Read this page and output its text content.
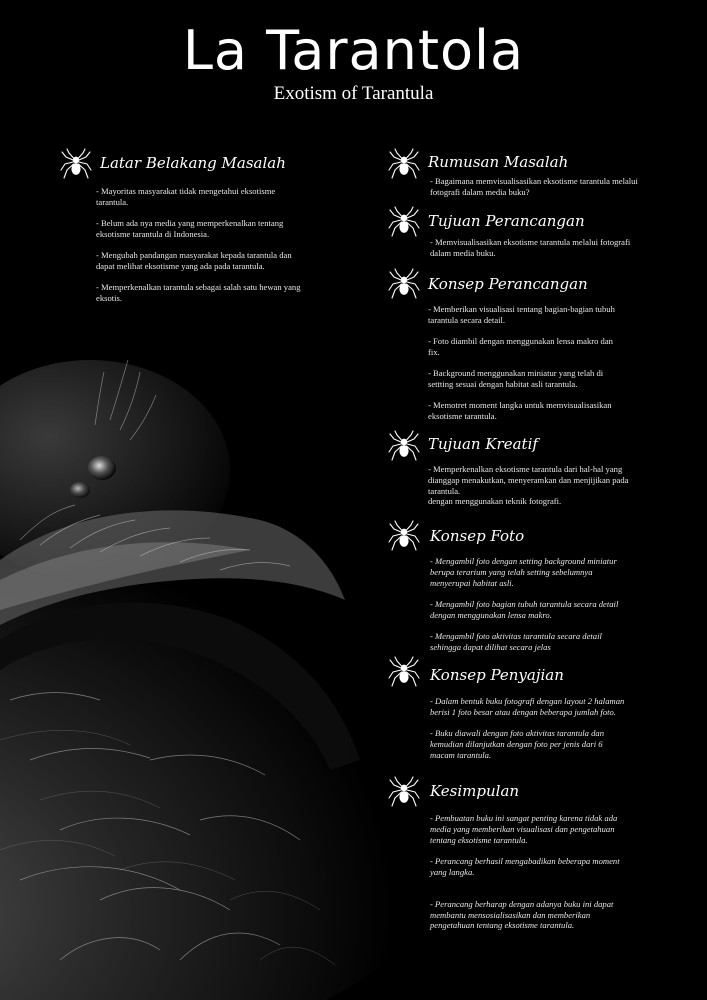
La Tarantola
Exotism of Tarantula
Latar Belakang Masalah

- Mayoritas masyarakat tidak mengetahui eksotisme
tarantula.

- Belum ada nya media yang memperkenalkan tentang
eksotisme tarantula di Indonesia.

- Mengubah pandangan masyarakat kepada tarantula dan
dapat melihat eksotisme yang ada pada tarantula.

- Memperkenalkan tarantula sebagai salah satu hewan yang
eksotis.

Rumusan Masalah

- Bagaimana memvisualisasikan eksotisme tarantula melalui
fotografi dalam media buku?

Tujuan Perancangan

- Memvisualisasikan eksotisme tarantula melalui fotografi
dalam media buku.

Konsep Perancangan

- Memberikan visualisasi tentang bagian-bagian tubuh
tarantula secara detail.

- Foto diambil dengan menggunakan lensa makro dan
fix.

- Background menggunakan miniatur yang telah di
settting sesuai dengan habitat asli tarantula.

- Memotret moment langka untuk memvisualisasikan
eksotisme tarantula.

Tujuan Kreatif

- Memperkenalkan eksotisme tarantula dari hal-hal yang
dianggap menakutkan, menyeramkan dan menjijikan pada
tarantula.
dengan menggunakan teknik fotografi.

Konsep Foto

- Mengambil foto dengan setting background miniatur
berupa terarium yang telah setting sebelumnya
menyerupai habitat asli.

- Mengambil foto bagian tubuh tarantula secara detail
dengan menggunakan lensa makro.

- Mengambil foto aktivitas tarantula secara detail
sehingga dapat dilihat secara jelas

Konsep Penyajian

- Dalam bentuk buku fotografi dengan layout 2 halaman
berisi 1 foto besar atau dengan beberapa jumlah foto.

- Buku diawali dengan foto aktivitas tarantula dan
kemudian dilanjutkan dengan foto per jenis dari 6
macam tarantula.

Kesimpulan

- Pembuatan buku ini sangat penting karena tidak ada
media yang memberikan visualisasi dan pengetahuan
tentang eksotisme tarantula.

- Perancang berhasil mengabadikan beberapa moment
yang langka.

- Perancang berharap dengan adanya buku ini dapat
membantu mensosialisasikan dan memberikan
pengetahuan tentang eksotisme tarantula.
